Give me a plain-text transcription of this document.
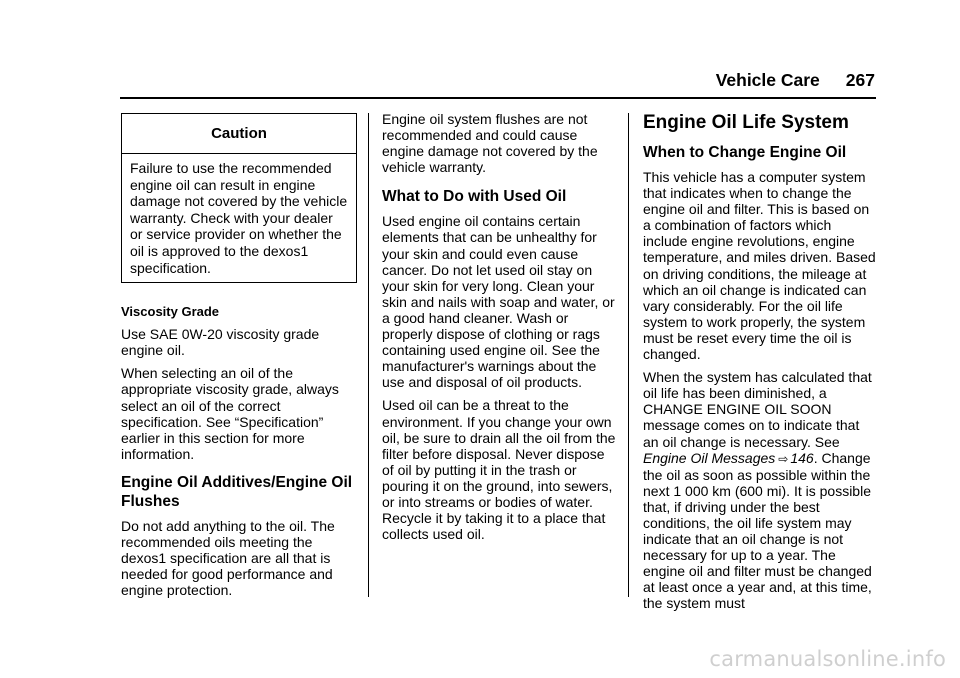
Vehicle Care 267
Caution
Failure to use the recommended engine oil can result in engine damage not covered by the vehicle warranty. Check with your dealer or service provider on whether the oil is approved to the dexos1 specification.
Viscosity Grade

Use SAE 0W-20 viscosity grade engine oil.

When selecting an oil of the appropriate viscosity grade, always select an oil of the correct specification. See “Specification” earlier in this section for more information.

Engine Oil Additives/Engine Oil Flushes

Do not add anything to the oil. The recommended oils meeting the dexos1 specification are all that is needed for good performance and engine protection.

Engine oil system flushes are not recommended and could cause engine damage not covered by the vehicle warranty.

What to Do with Used Oil

Used engine oil contains certain elements that can be unhealthy for your skin and could even cause cancer. Do not let used oil stay on your skin for very long. Clean your skin and nails with soap and water, or a good hand cleaner. Wash or properly dispose of clothing or rags containing used engine oil. See the manufacturer's warnings about the use and disposal of oil products.

Used oil can be a threat to the environment. If you change your own oil, be sure to drain all the oil from the filter before disposal. Never dispose of oil by putting it in the trash or pouring it on the ground, into sewers, or into streams or bodies of water. Recycle it by taking it to a place that collects used oil.

Engine Oil Life System
When to Change Engine Oil

This vehicle has a computer system that indicates when to change the engine oil and filter. This is based on a combination of factors which include engine revolutions, engine temperature, and miles driven. Based on driving conditions, the mileage at which an oil change is indicated can vary considerably. For the oil life system to work properly, the system must be reset every time the oil is changed.

When the system has calculated that oil life has been diminished, a CHANGE ENGINE OIL SOON message comes on to indicate that an oil change is necessary. See Engine Oil Messages ⇨ 146. Change the oil as soon as possible within the next 1 000 km (600 mi). It is possible that, if driving under the best conditions, the oil life system may indicate that an oil change is not necessary for up to a year. The engine oil and filter must be changed at least once a year and, at this time, the system must

carmanualsonline.info
